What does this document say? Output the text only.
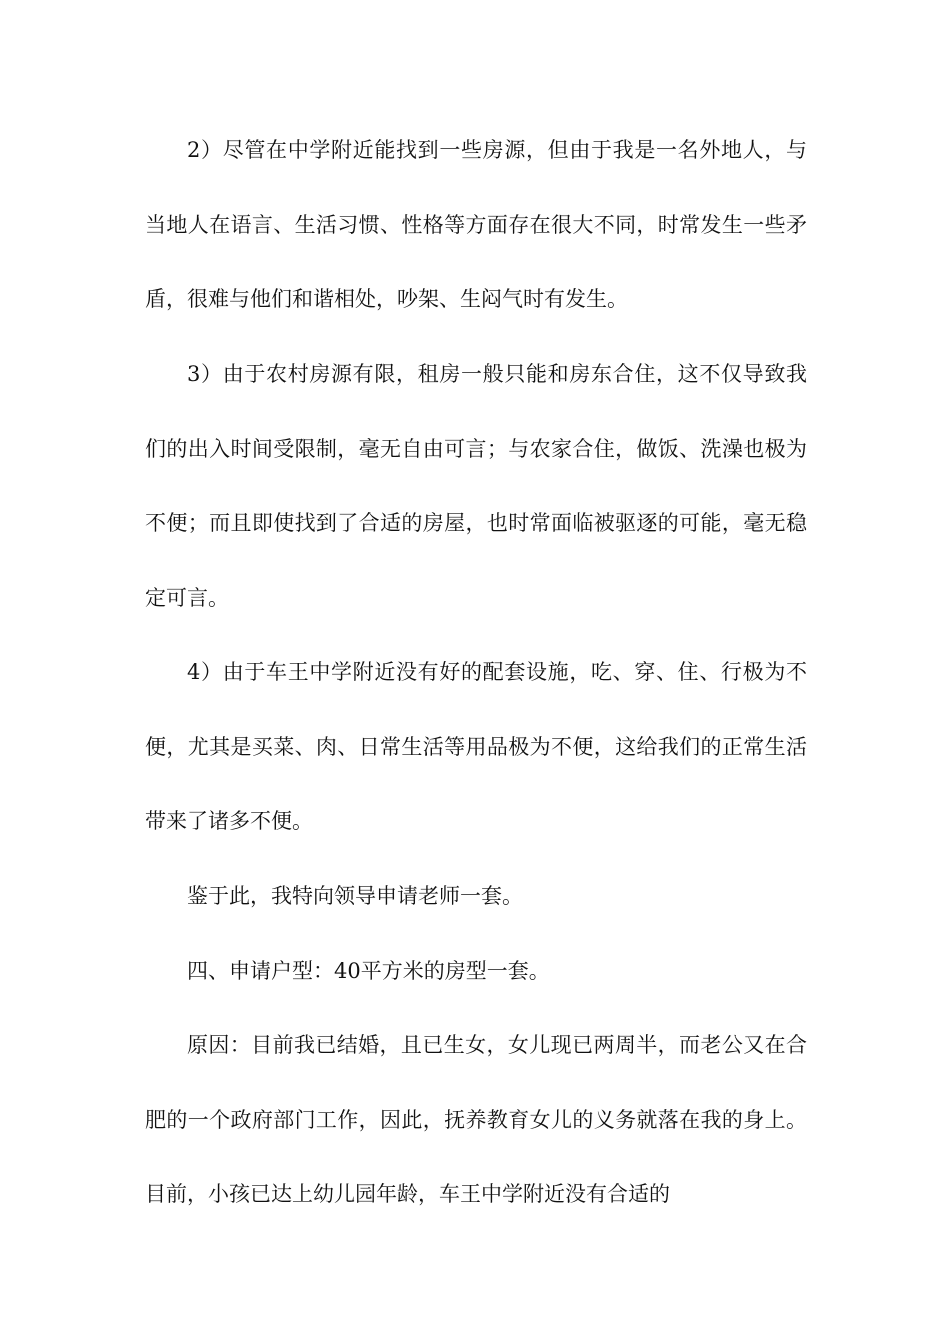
2）尽管在中学附近能找到一些房源，但由于我是一名外地人，与当地人在语言、生活习惯、性格等方面存在很大不同，时常发生一些矛盾，很难与他们和谐相处，吵架、生闷气时有发生。

3）由于农村房源有限，租房一般只能和房东合住，这不仅导致我们的出入时间受限制，毫无自由可言；与农家合住，做饭、洗澡也极为不便；而且即使找到了合适的房屋，也时常面临被驱逐的可能，毫无稳定可言。

4）由于车王中学附近没有好的配套设施，吃、穿、住、行极为不便，尤其是买菜、肉、日常生活等用品极为不便，这给我们的正常生活带来了诸多不便。

鉴于此，我特向领导申请老师一套。

四、申请户型：40平方米的房型一套。

原因：目前我已结婚，且已生女，女儿现已两周半，而老公又在合肥的一个政府部门工作，因此，抚养教育女儿的义务就落在我的身上。目前，小孩已达上幼儿园年龄，车王中学附近没有合适的
